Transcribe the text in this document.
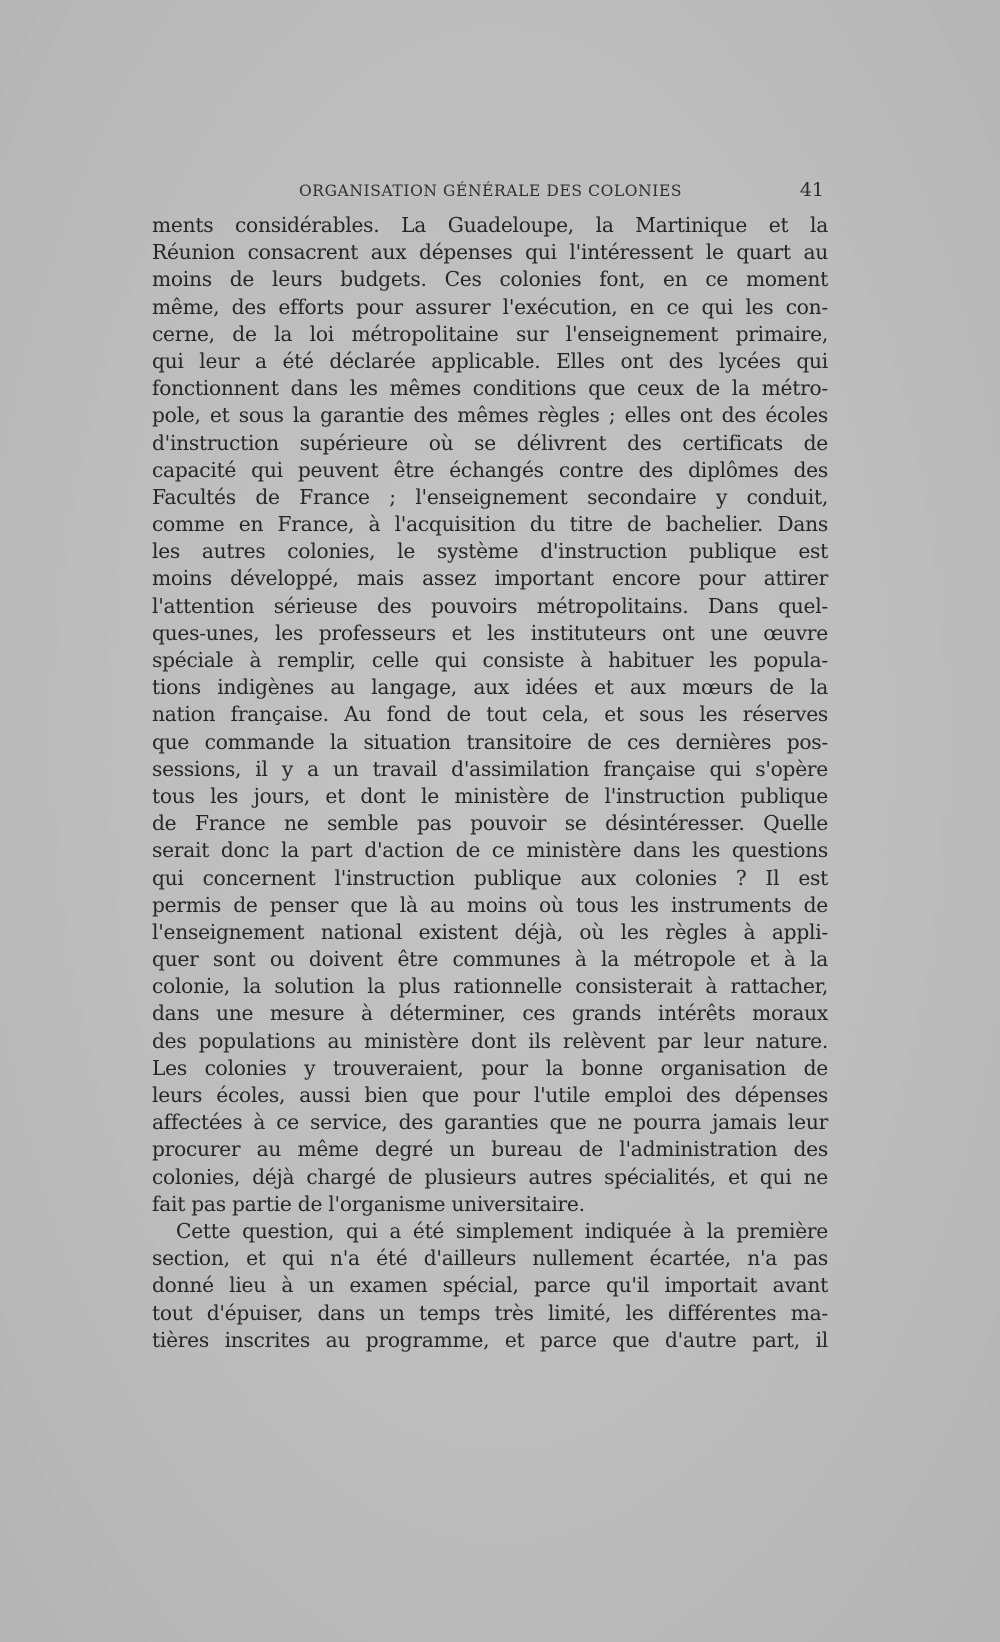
ORGANISATION GÉNÉRALE DES COLONIES	41
ments considérables. La Guadeloupe, la Martinique et la
Réunion consacrent aux dépenses qui l'intéressent le quart au
moins de leurs budgets. Ces colonies font, en ce moment
même, des efforts pour assurer l'exécution, en ce qui les con-
cerne, de la loi métropolitaine sur l'enseignement primaire,
qui leur a été déclarée applicable. Elles ont des lycées qui
fonctionnent dans les mêmes conditions que ceux de la métro-
pole, et sous la garantie des mêmes règles ; elles ont des écoles
d'instruction supérieure où se délivrent des certificats de
capacité qui peuvent être échangés contre des diplômes des
Facultés de France ; l'enseignement secondaire y conduit,
comme en France, à l'acquisition du titre de bachelier. Dans
les autres colonies, le système d'instruction publique est
moins développé, mais assez important encore pour attirer
l'attention sérieuse des pouvoirs métropolitains. Dans quel-
ques-unes, les professeurs et les instituteurs ont une œuvre
spéciale à remplir, celle qui consiste à habituer les popula-
tions indigènes au langage, aux idées et aux mœurs de la
nation française. Au fond de tout cela, et sous les réserves
que commande la situation transitoire de ces dernières pos-
sessions, il y a un travail d'assimilation française qui s'opère
tous les jours, et dont le ministère de l'instruction publique
de France ne semble pas pouvoir se désintéresser. Quelle
serait donc la part d'action de ce ministère dans les questions
qui concernent l'instruction publique aux colonies ? Il est
permis de penser que là au moins où tous les instruments de
l'enseignement national existent déjà, où les règles à appli-
quer sont ou doivent être communes à la métropole et à la
colonie, la solution la plus rationnelle consisterait à rattacher,
dans une mesure à déterminer, ces grands intérêts moraux
des populations au ministère dont ils relèvent par leur nature.
Les colonies y trouveraient, pour la bonne organisation de
leurs écoles, aussi bien que pour l'utile emploi des dépenses
affectées à ce service, des garanties que ne pourra jamais leur
procurer au même degré un bureau de l'administration des
colonies, déjà chargé de plusieurs autres spécialités, et qui ne
fait pas partie de l'organisme universitaire.
Cette question, qui a été simplement indiquée à la première
section, et qui n'a été d'ailleurs nullement écartée, n'a pas
donné lieu à un examen spécial, parce qu'il importait avant
tout d'épuiser, dans un temps très limité, les différentes ma-
tières inscrites au programme, et parce que d'autre part, il
